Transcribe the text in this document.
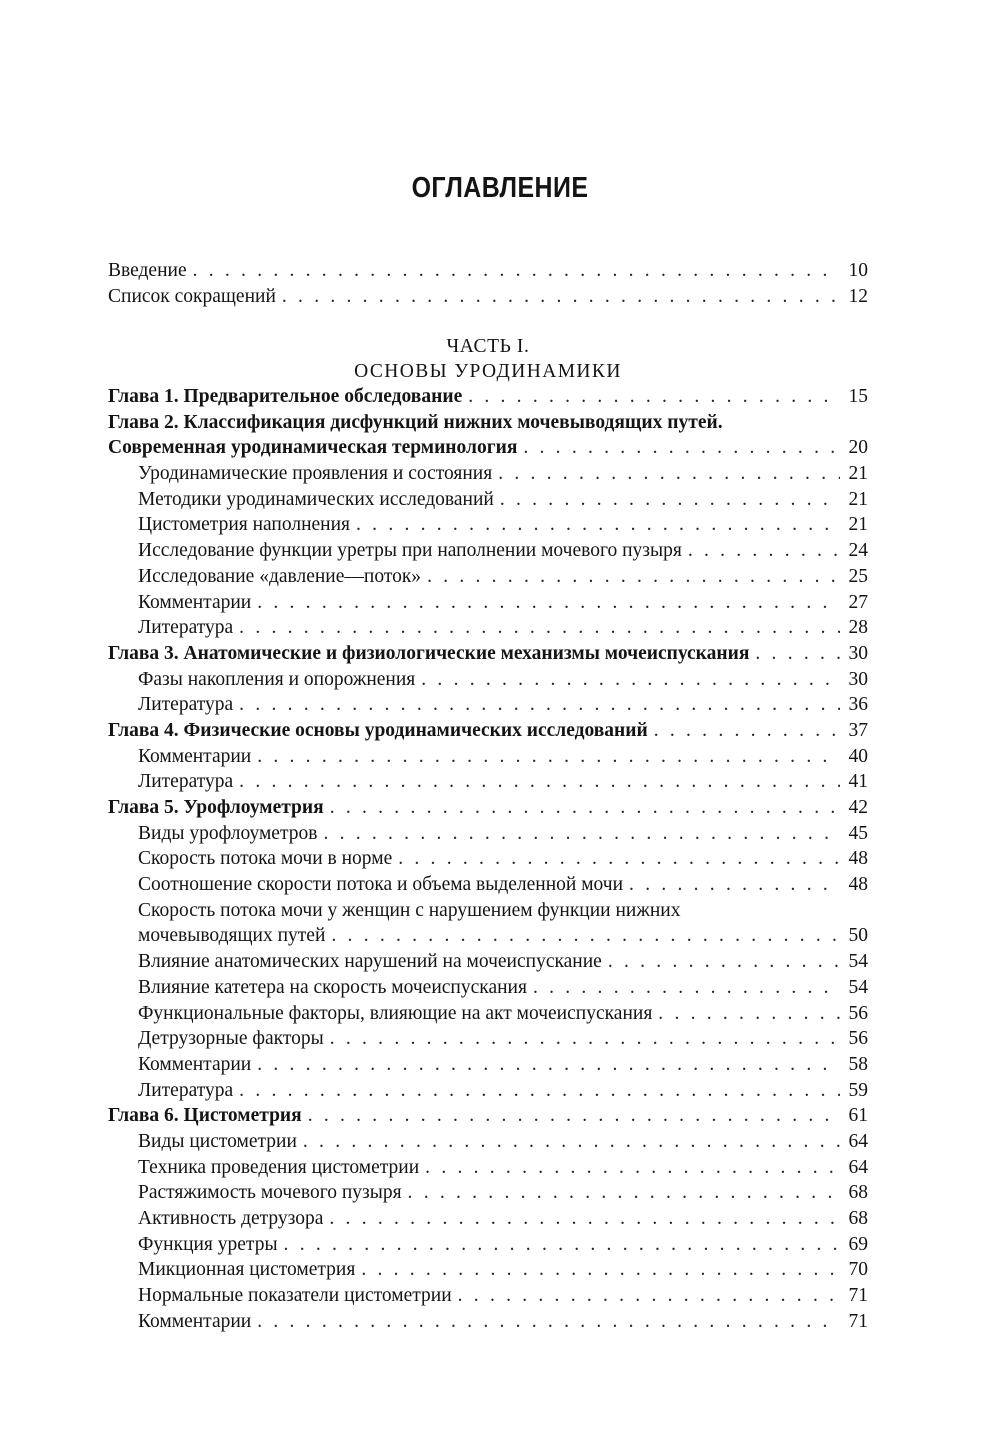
ОГЛАВЛЕНИЕ
Введение . . .	10
Список сокращений . . .	12
ЧАСТЬ I.
ОСНОВЫ УРОДИНАМИКИ
Глава 1. Предварительное обследование . . .	15
Глава 2. Классификация дисфункций нижних мочевыводящих путей.
Современная уродинамическая терминология . . .	20
Уродинамические проявления и состояния . . .	21
Методики уродинамических исследований . . .	21
Цистометрия наполнения . . .	21
Исследование функции уретры при наполнении мочевого пузыря . . .	24
Исследование «давление—поток» . . .	25
Комментарии . . .	27
Литература . . .	28
Глава 3. Анатомические и физиологические механизмы мочеиспускания . . .	30
Фазы накопления и опорожнения . . .	30
Литература . . .	36
Глава 4. Физические основы уродинамических исследований . . .	37
Комментарии . . .	40
Литература . . .	41
Глава 5. Урофлоуметрия . . .	42
Виды урофлоуметров . . .	45
Скорость потока мочи в норме . . .	48
Соотношение скорости потока и объема выделенной мочи . . .	48
Скорость потока мочи у женщин с нарушением функции нижних
мочевыводящих путей . . .	50
Влияние анатомических нарушений на мочеиспускание . . .	54
Влияние катетера на скорость мочеиспускания . . .	54
Функциональные факторы, влияющие на акт мочеиспускания . . .	56
Детрузорные факторы . . .	56
Комментарии . . .	58
Литература . . .	59
Глава 6. Цистометрия . . .	61
Виды цистометрии . . .	64
Техника проведения цистометрии . . .	64
Растяжимость мочевого пузыря . . .	68
Активность детрузора . . .	68
Функция уретры . . .	69
Микционная цистометрия . . .	70
Нормальные показатели цистометрии . . .	71
Комментарии . . .	71
